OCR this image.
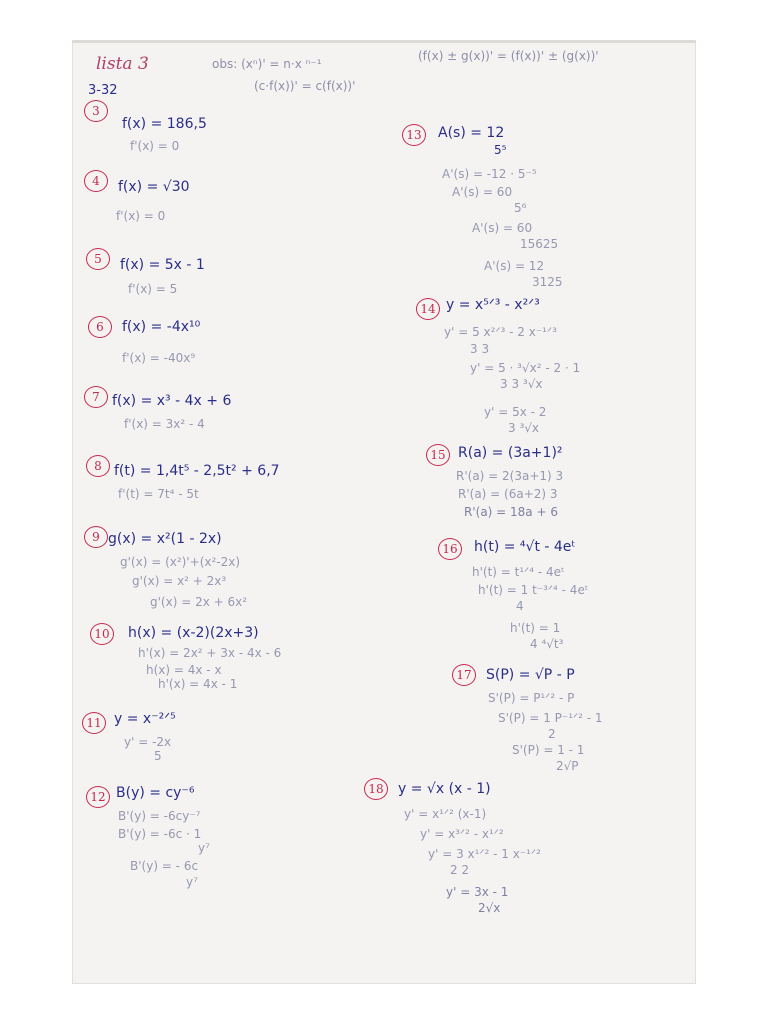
lista 3
3-32
obs: (xⁿ)' = n·x ⁿ⁻¹
(c·f(x))' = c(f(x))'
(f(x) ± g(x))' = (f(x))' ± (g(x))'
3
f(x) = 186,5
f'(x) = 0
4	f(x) = √30
f'(x) = 0
5	f(x) = 5x - 1
f'(x) = 5
6	f(x) = -4x¹⁰
f'(x) = -40x⁹
7 f(x) = x³ - 4x + 6
f'(x) = 3x² - 4
8 f(t) = 1,4t⁵ - 2,5t² + 6,7
f'(t) = 7t⁴ - 5t
9 g(x) = x²(1 - 2x)
g'(x) = (x²)'+(x²-2x)
g'(x) = x² + 2x³
g'(x) = 2x + 6x²
10	h(x) = (x-2)(2x+3)
h'(x) = 2x² + 3x - 4x - 6
h(x) = 4x - x
h'(x) = 4x - 1
11 y = x⁻²ᐟ⁵
y' = -2x
5
12 B(y) = cy⁻⁶
B'(y) = -6cy⁻⁷
B'(y) = -6c · 1
y⁷
B'(y) = - 6c
y⁷
13	A(s) = 12
5⁵
A'(s) = -12 · 5⁻⁵
A'(s) = 60
5⁶
A'(s) = 60
15625
A'(s) = 12
3125
14 y = x⁵ᐟ³ - x²ᐟ³
y' = 5 x²ᐟ³ - 2 x⁻¹ᐟ³
3 3
y' = 5 · ³√x² - 2 · 1
3 3 ³√x
y' = 5x - 2
3 ³√x
15 R(a) = (3a+1)²
R'(a) = 2(3a+1) 3
R'(a) = (6a+2) 3
R'(a) = 18a + 6
16	h(t) = ⁴√t - 4eᵗ
h'(t) = t¹ᐟ⁴ - 4eᵗ
h'(t) = 1 t⁻³ᐟ⁴ - 4eᵗ
4
h'(t) = 1
4 ⁴√t³
17	S(P) = √P - P
S'(P) = P¹ᐟ² - P
S'(P) = 1 P⁻¹ᐟ² - 1
2
S'(P) = 1 - 1
2√P
18	y = √x (x - 1)
y' = x¹ᐟ² (x-1)
y' = x³ᐟ² - x¹ᐟ²
y' = 3 x¹ᐟ² - 1 x⁻¹ᐟ²
2 2
y' = 3x - 1
2√x
